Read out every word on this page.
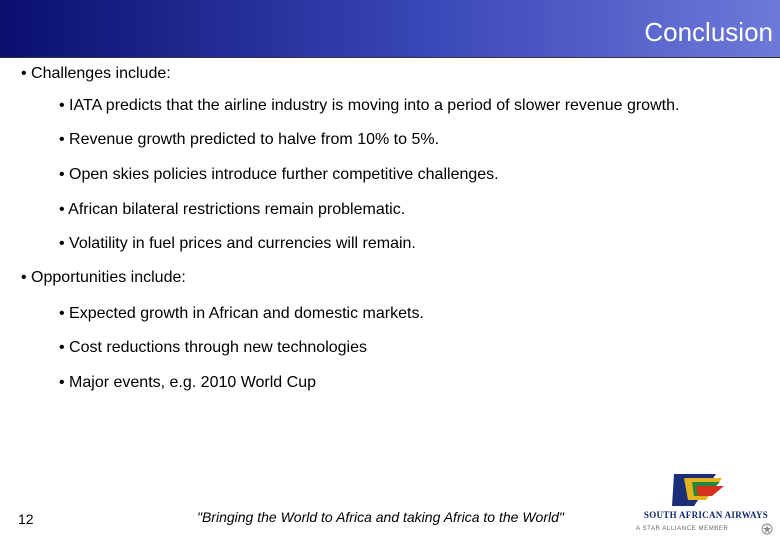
Conclusion
• Challenges include:
• IATA predicts that the airline industry is moving into a period of slower revenue growth.
• Revenue growth predicted to halve from 10% to 5%.
• Open skies policies introduce further competitive challenges.
• African bilateral restrictions remain problematic.
• Volatility in fuel prices and currencies will remain.
• Opportunities include:
• Expected growth in African and domestic markets.
• Cost reductions through new technologies
• Major events, e.g. 2010 World Cup
12	"Bringing the World to Africa and taking Africa to the World"	SOUTH AFRICAN AIRWAYS
A STAR ALLIANCE MEMBER
